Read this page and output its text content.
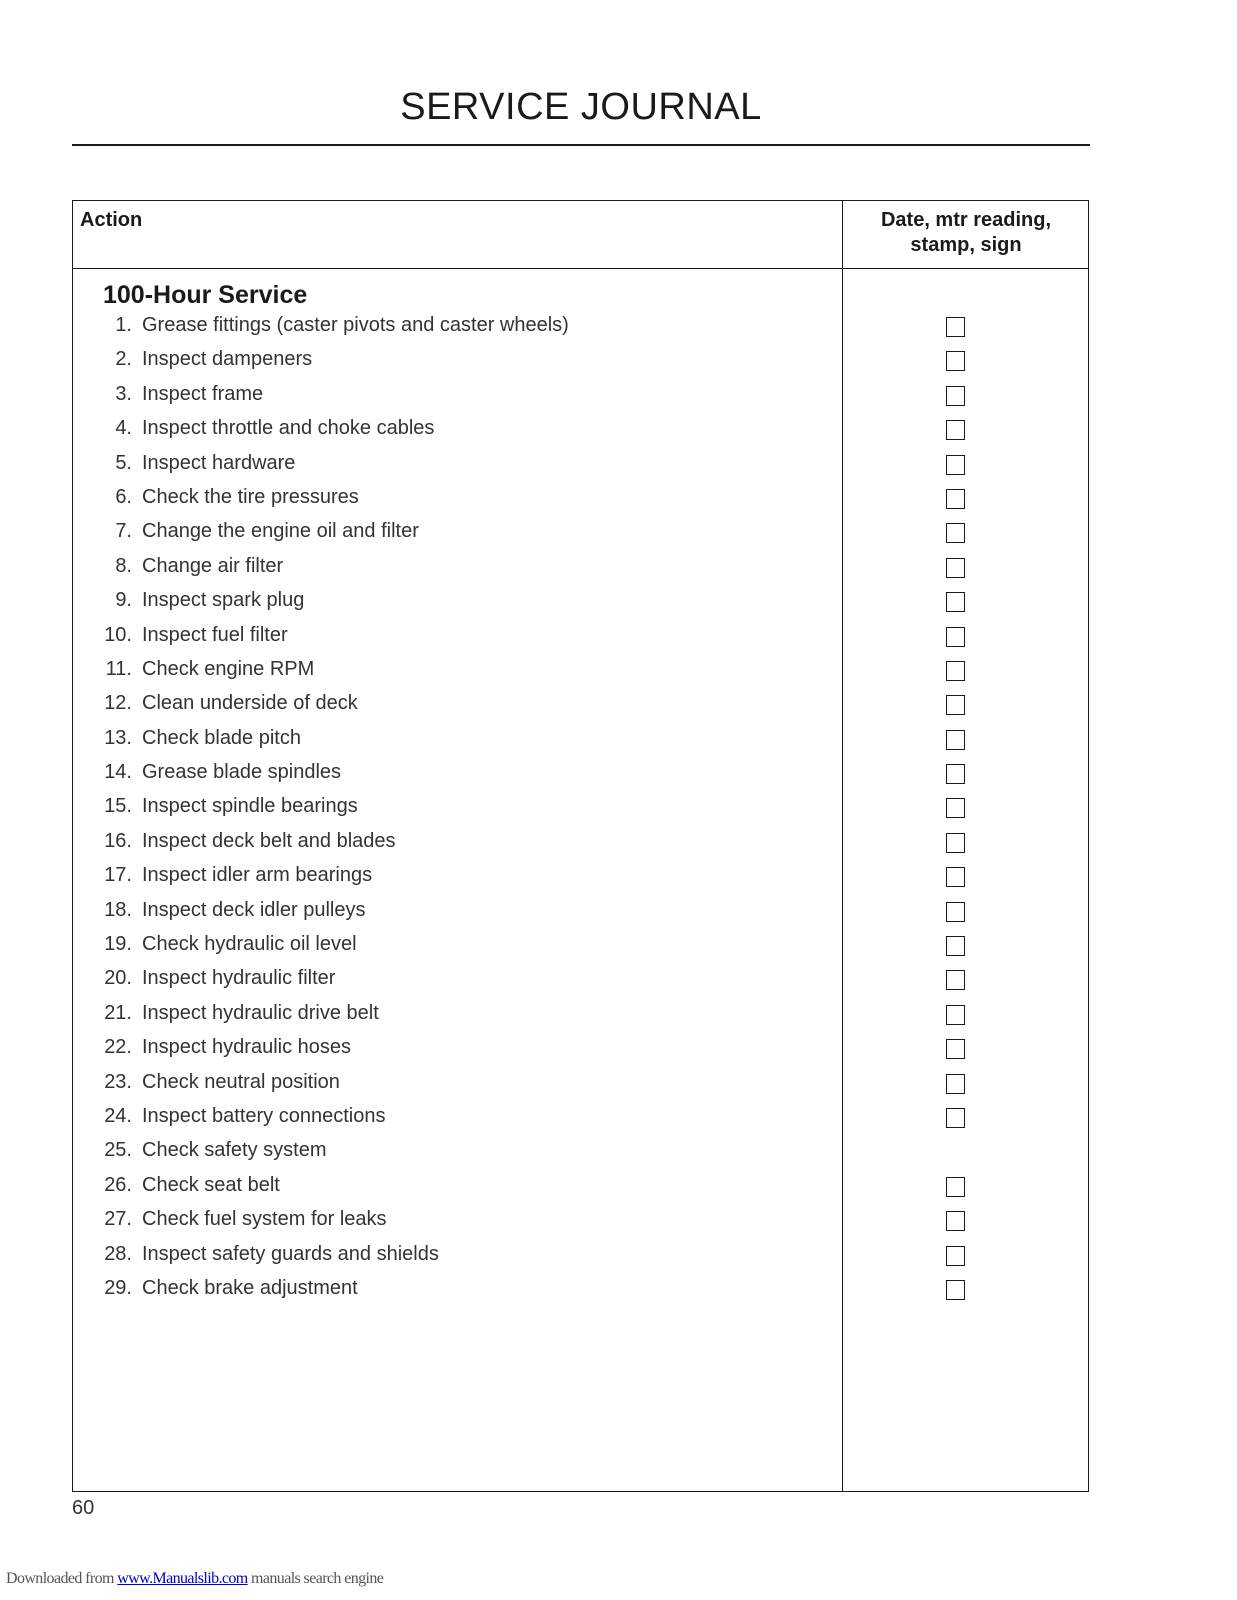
SERVICE JOURNAL
Action	Date, mtr reading,
stamp, sign
100-Hour Service
1. Grease fittings (caster pivots and caster wheels)
2. Inspect dampeners
3. Inspect frame
4. Inspect throttle and choke cables
5. Inspect hardware
6. Check the tire pressures
7. Change the engine oil and filter
8. Change air filter
9. Inspect spark plug
10. Inspect fuel filter
11. Check engine RPM
12. Clean underside of deck
13. Check blade pitch
14. Grease blade spindles
15. Inspect spindle bearings
16. Inspect deck belt and blades
17. Inspect idler arm bearings
18. Inspect deck idler pulleys
19. Check hydraulic oil level
20. Inspect hydraulic filter
21. Inspect hydraulic drive belt
22. Inspect hydraulic hoses
23. Check neutral position
24. Inspect battery connections
25. Check safety system
26. Check seat belt
27. Check fuel system for leaks
28. Inspect safety guards and shields
29. Check brake adjustment
60
Downloaded from www.Manualslib.com manuals search engine
